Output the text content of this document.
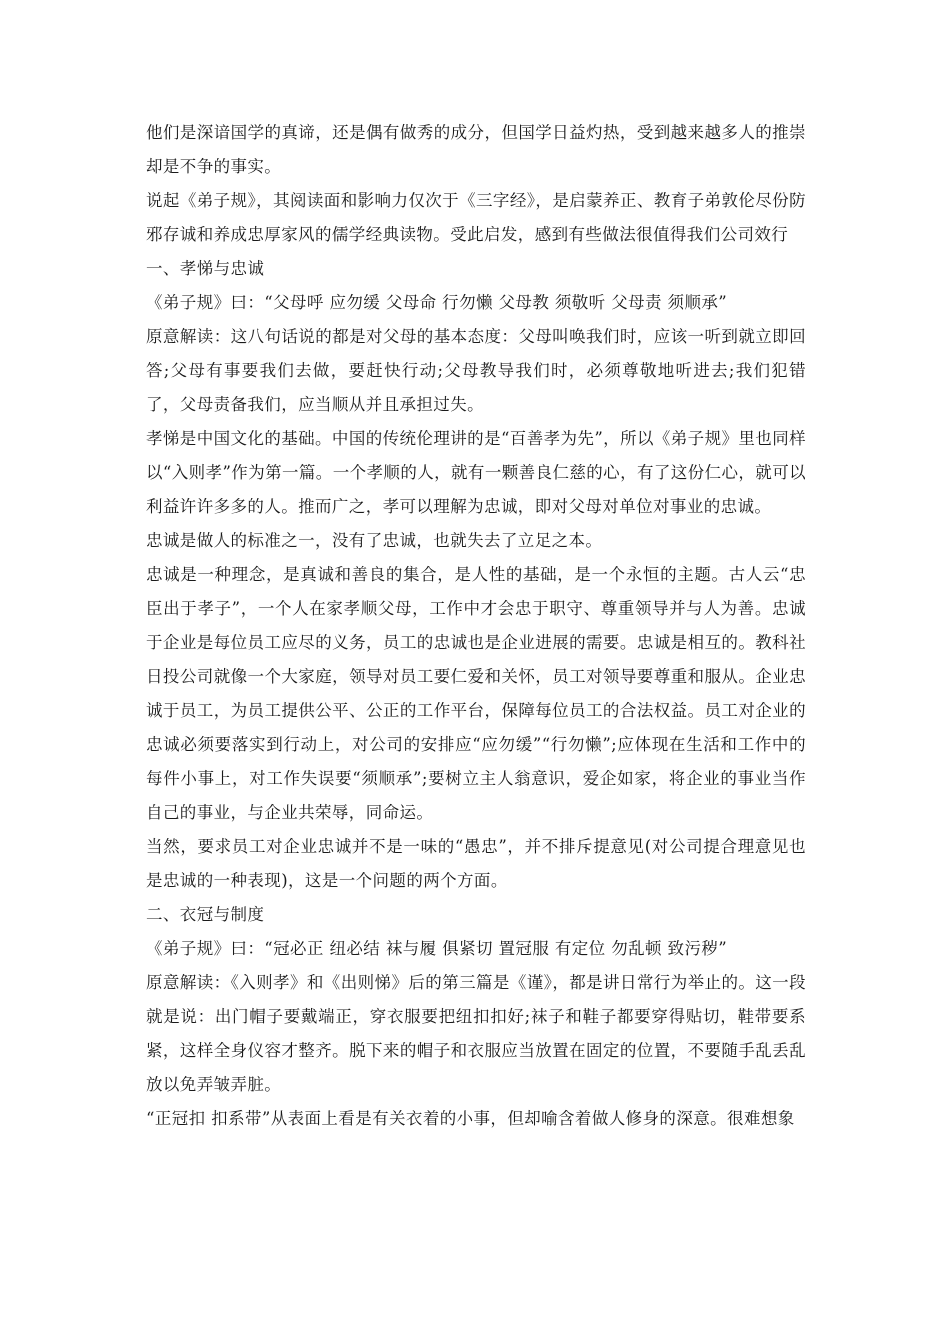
他们是深谙国学的真谛，还是偶有做秀的成分，但国学日益灼热，受到越来越多人的推崇却是不争的事实。

说起《弟子规》，其阅读面和影响力仅次于《三字经》，是启蒙养正、教育子弟敦伦尽份防邪存诚和养成忠厚家风的儒学经典读物。受此启发，感到有些做法很值得我们公司效行

一、孝悌与忠诚

《弟子规》曰：“父母呼 应勿缓 父母命 行勿懒 父母教 须敬听 父母责 须顺承”

原意解读：这八句话说的都是对父母的基本态度：父母叫唤我们时，应该一听到就立即回答;父母有事要我们去做，要赶快行动;父母教导我们时，必须尊敬地听进去;我们犯错了，父母责备我们，应当顺从并且承担过失。

孝悌是中国文化的基础。中国的传统伦理讲的是“百善孝为先”，所以《弟子规》里也同样以“入则孝”作为第一篇。一个孝顺的人，就有一颗善良仁慈的心，有了这份仁心，就可以利益许许多多的人。推而广之，孝可以理解为忠诚，即对父母对单位对事业的忠诚。

忠诚是做人的标准之一，没有了忠诚，也就失去了立足之本。

忠诚是一种理念，是真诚和善良的集合，是人性的基础，是一个永恒的主题。古人云“忠臣出于孝子”，一个人在家孝顺父母，工作中才会忠于职守、尊重领导并与人为善。忠诚于企业是每位员工应尽的义务，员工的忠诚也是企业进展的需要。忠诚是相互的。教科社日投公司就像一个大家庭，领导对员工要仁爱和关怀，员工对领导要尊重和服从。企业忠诚于员工，为员工提供公平、公正的工作平台，保障每位员工的合法权益。员工对企业的忠诚必须要落实到行动上，对公司的安排应“应勿缓”“行勿懒”;应体现在生活和工作中的每件小事上，对工作失误要“须顺承”;要树立主人翁意识，爱企如家，将企业的事业当作自己的事业，与企业共荣辱，同命运。

当然，要求员工对企业忠诚并不是一味的“愚忠”，并不排斥提意见(对公司提合理意见也是忠诚的一种表现)，这是一个问题的两个方面。

二、衣冠与制度

《弟子规》曰：“冠必正 纽必结 袜与履 俱紧切 置冠服 有定位 勿乱顿 致污秽”

原意解读：《入则孝》和《出则悌》后的第三篇是《谨》，都是讲日常行为举止的。这一段就是说：出门帽子要戴端正，穿衣服要把纽扣扣好;袜子和鞋子都要穿得贴切，鞋带要系紧，这样全身仪容才整齐。脱下来的帽子和衣服应当放置在固定的位置，不要随手乱丢乱放以免弄皱弄脏。

“正冠扣 扣系带”从表面上看是有关衣着的小事，但却喻含着做人修身的深意。很难想象
